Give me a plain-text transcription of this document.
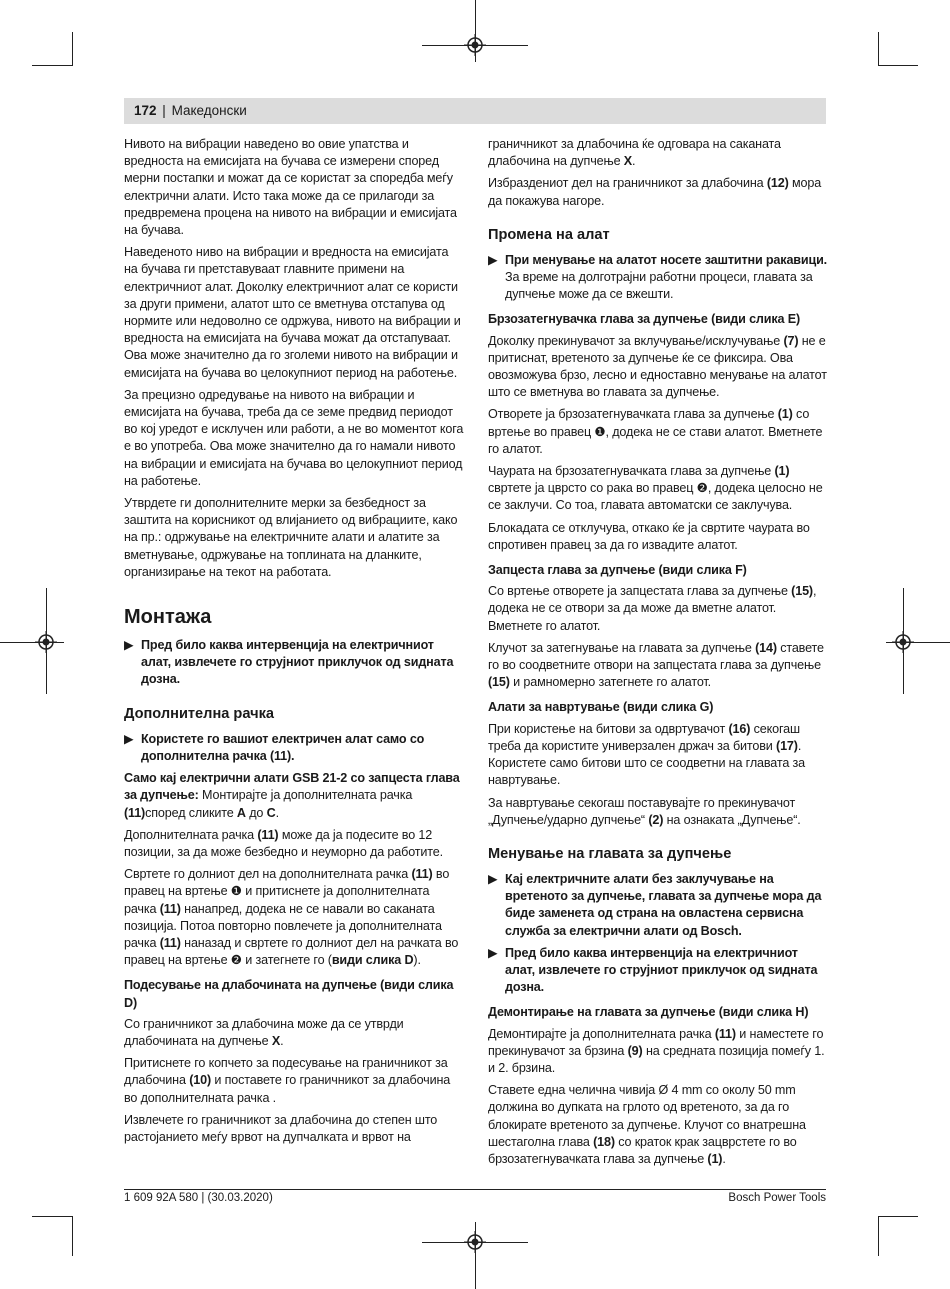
172 | Македонски

Нивото на вибрации наведено во овие упатства и вредноста на емисијата на бучава се измерени според мерни постапки и можат да се користат за споредба меѓу електрични алати. Исто така може да се прилагоди за предвремена процена на нивото на вибрации и емисијата на бучава.

Наведеното ниво на вибрации и вредноста на емисијата на бучава ги претставуваат главните примени на електричниот алат. Доколку електричниот алат се користи за други примени, алатот што се вметнува отстапува од нормите или недоволно се одржува, нивото на вибрации и вредноста на емисијата на бучава можат да отстапуваат. Ова може значително да го зголеми нивото на вибрации и емисијата на бучава во целокупниот период на работење.

За прецизно одредување на нивото на вибрации и емисијата на бучава, треба да се земе предвид периодот во кој уредот е исклучен или работи, а не во моментот кога е во употреба. Ова може значително да го намали нивото на вибрации и емисијата на бучава во целокупниот период на работење.

Утврдете ги дополнителните мерки за безбедност за заштита на корисникот од влијанието од вибрациите, како на пр.: одржување на електричните алати и алатите за вметнување, одржување на топлината на дланките, организирање на текот на работата.

Монтажа

▶ Пред било каква интервенција на електричниот алат, извлечете го струјниот приклучок од ѕидната дозна.

Дополнителна рачка

▶ Користете го вашиот електричен алат само со дополнителна рачка (11).

Само кај електрични алати GSB 21-2 со запцеста глава за дупчење: Монтирајте ја дополнителната рачка (11)според сликите A до C.

Дополнителната рачка (11) може да ја подесите во 12 позиции, за да може безбедно и неуморно да работите.

Свртете го долниот дел на дополнителната рачка (11) во правец на вртење ❶ и притиснете ја дополнителната рачка (11) нанапред, додека не се навали во саканата позиција. Потоа повторно повлечете ја дополнителната рачка (11) наназад и свртете го долниот дел на рачката во правец на вртење ❷ и затегнете го (види слика D).

Подесување на длабочината на дупчење (види слика D)

Со граничникот за длабочина може да се утврди длабочината на дупчење X.

Притиснете го копчето за подесување на граничникот за длабочина (10) и поставете го граничникот за длабочина во дополнителната рачка .

Извлечете го граничникот за длабочина до степен што растојанието меѓу врвот на дупчалката и врвот на

граничникот за длабочина ќе одговара на саканата длабочина на дупчење X.

Избраздениот дел на граничникот за длабочина (12) мора да покажува нагоре.

Промена на алат

▶ При менување на алатот носете заштитни ракавици. За време на долготрајни работни процеси, главата за дупчење може да се вжешти.

Брзозатегнувачка глава за дупчење (види слика E)

Доколку прекинувачот за вклучување/исклучување (7) не е притиснат, вретеното за дупчење ќе се фиксира. Ова овозможува брзо, лесно и едноставно менување на алатот што се вметнува во главата за дупчење.

Отворете ја брзозатегнувачката глава за дупчење (1) со вртење во правец ❶, додека не се стави алатот. Вметнете го алатот.

Чаурата на брзозатегнувачката глава за дупчење (1) свртете ја цврсто со рака во правец ❷, додека целосно не се заклучи. Со тоа, главата автоматски се заклучува.

Блокадата се отклучува, откако ќе ја свртите чаурата во спротивен правец за да го извадите алатот.

Запцеста глава за дупчење (види слика F)

Со вртење отворете ја запцестата глава за дупчење (15), додека не се отвори за да може да вметне алатот. Вметнете го алатот.

Клучот за затегнување на главата за дупчење (14) ставете го во соодветните отвори на запцестата глава за дупчење (15) и рамномерно затегнете го алатот.

Алати за навртување (види слика G)

При користење на битови за одвртувачот (16) секогаш треба да користите универзален држач за битови (17). Користете само битови што се соодветни на главата за навртување.

За навртување секогаш поставувајте го прекинувачот „Дупчење/ударно дупчење“ (2) на ознаката „Дупчење“.

Менување на главата за дупчење

▶ Кај електричните алати без заклучување на вретеното за дупчење, главата за дупчење мора да биде заменета од страна на овластена сервисна служба за електрични алати од Bosch.

▶ Пред било каква интервенција на електричниот алат, извлечете го струјниот приклучок од ѕидната дозна.

Демонтирање на главата за дупчење (види слика H)

Демонтирајте ја дополнителната рачка (11) и наместете го прекинувачот за брзина (9) на средната позиција помеѓу 1. и 2. брзина.

Ставете една челична чивија Ø 4 mm со околу 50 mm должина во дупката на грлото од вретеното, за да го блокирате вретеното за дупчење. Клучот со внатрешна шестаголна глава (18) со краток крак зацврстете го во брзозатегнувачката глава за дупчење (1).

1 609 92A 580 | (30.03.2020)	Bosch Power Tools
